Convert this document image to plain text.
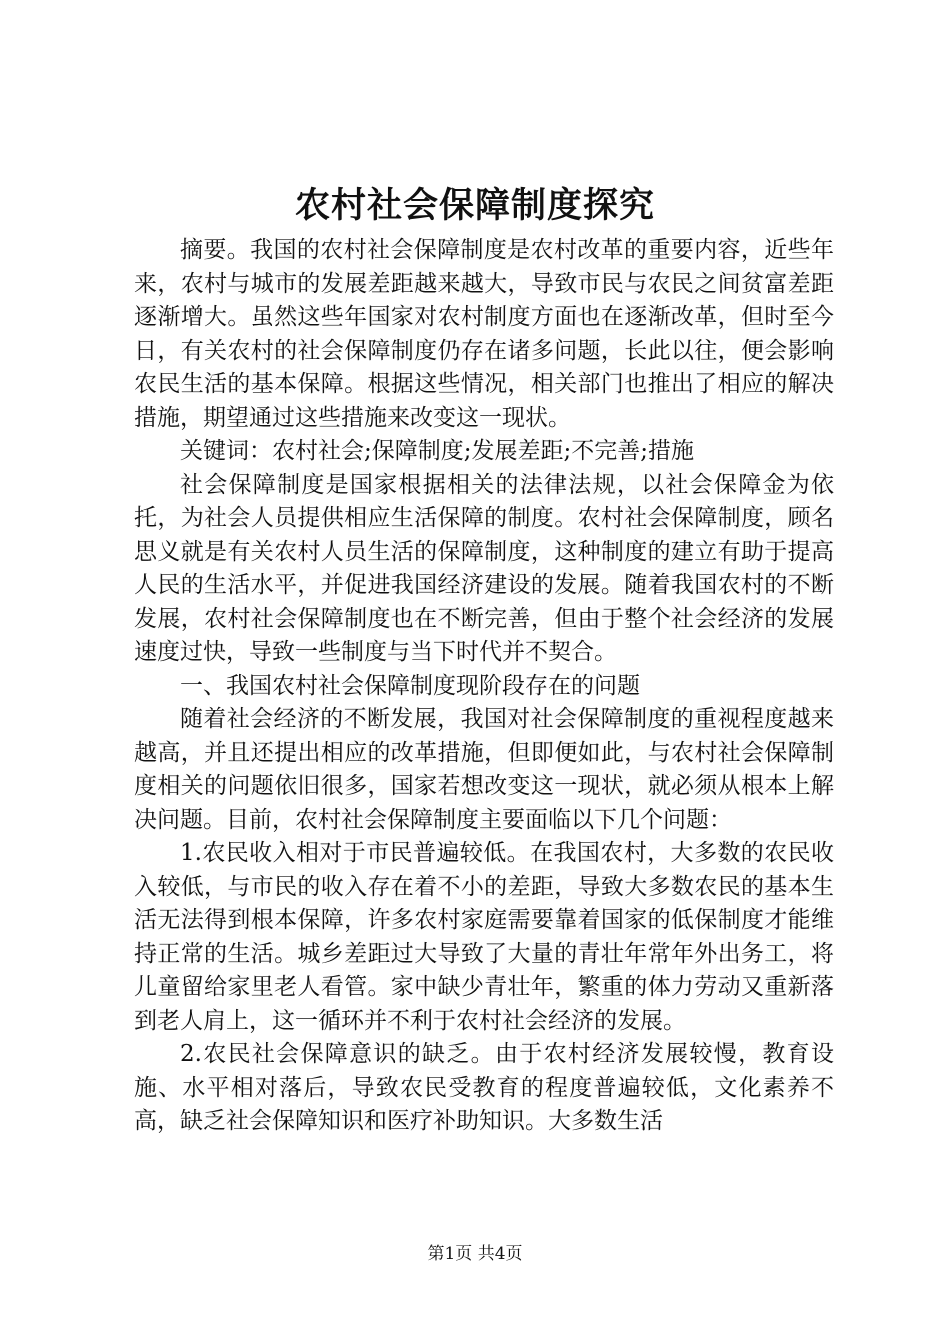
农村社会保障制度探究

摘要。我国的农村社会保障制度是农村改革的重要内容，近些年来，农村与城市的发展差距越来越大，导致市民与农民之间贫富差距逐渐增大。虽然这些年国家对农村制度方面也在逐渐改革，但时至今日，有关农村的社会保障制度仍存在诸多问题，长此以往，便会影响农民生活的基本保障。根据这些情况，相关部门也推出了相应的解决措施，期望通过这些措施来改变这一现状。

关键词：农村社会;保障制度;发展差距;不完善;措施

社会保障制度是国家根据相关的法律法规，以社会保障金为依托，为社会人员提供相应生活保障的制度。农村社会保障制度，顾名思义就是有关农村人员生活的保障制度，这种制度的建立有助于提高人民的生活水平，并促进我国经济建设的发展。随着我国农村的不断发展，农村社会保障制度也在不断完善，但由于整个社会经济的发展速度过快，导致一些制度与当下时代并不契合。

一、我国农村社会保障制度现阶段存在的问题

随着社会经济的不断发展，我国对社会保障制度的重视程度越来越高，并且还提出相应的改革措施，但即便如此，与农村社会保障制度相关的问题依旧很多，国家若想改变这一现状，就必须从根本上解决问题。目前，农村社会保障制度主要面临以下几个问题：

1.农民收入相对于市民普遍较低。在我国农村，大多数的农民收入较低，与市民的收入存在着不小的差距，导致大多数农民的基本生活无法得到根本保障，许多农村家庭需要靠着国家的低保制度才能维持正常的生活。城乡差距过大导致了大量的青壮年常年外出务工，将儿童留给家里老人看管。家中缺少青壮年，繁重的体力劳动又重新落到老人肩上，这一循环并不利于农村社会经济的发展。

2.农民社会保障意识的缺乏。由于农村经济发展较慢，教育设施、水平相对落后，导致农民受教育的程度普遍较低，文化素养不高，缺乏社会保障知识和医疗补助知识。大多数生活

第1页 共4页
